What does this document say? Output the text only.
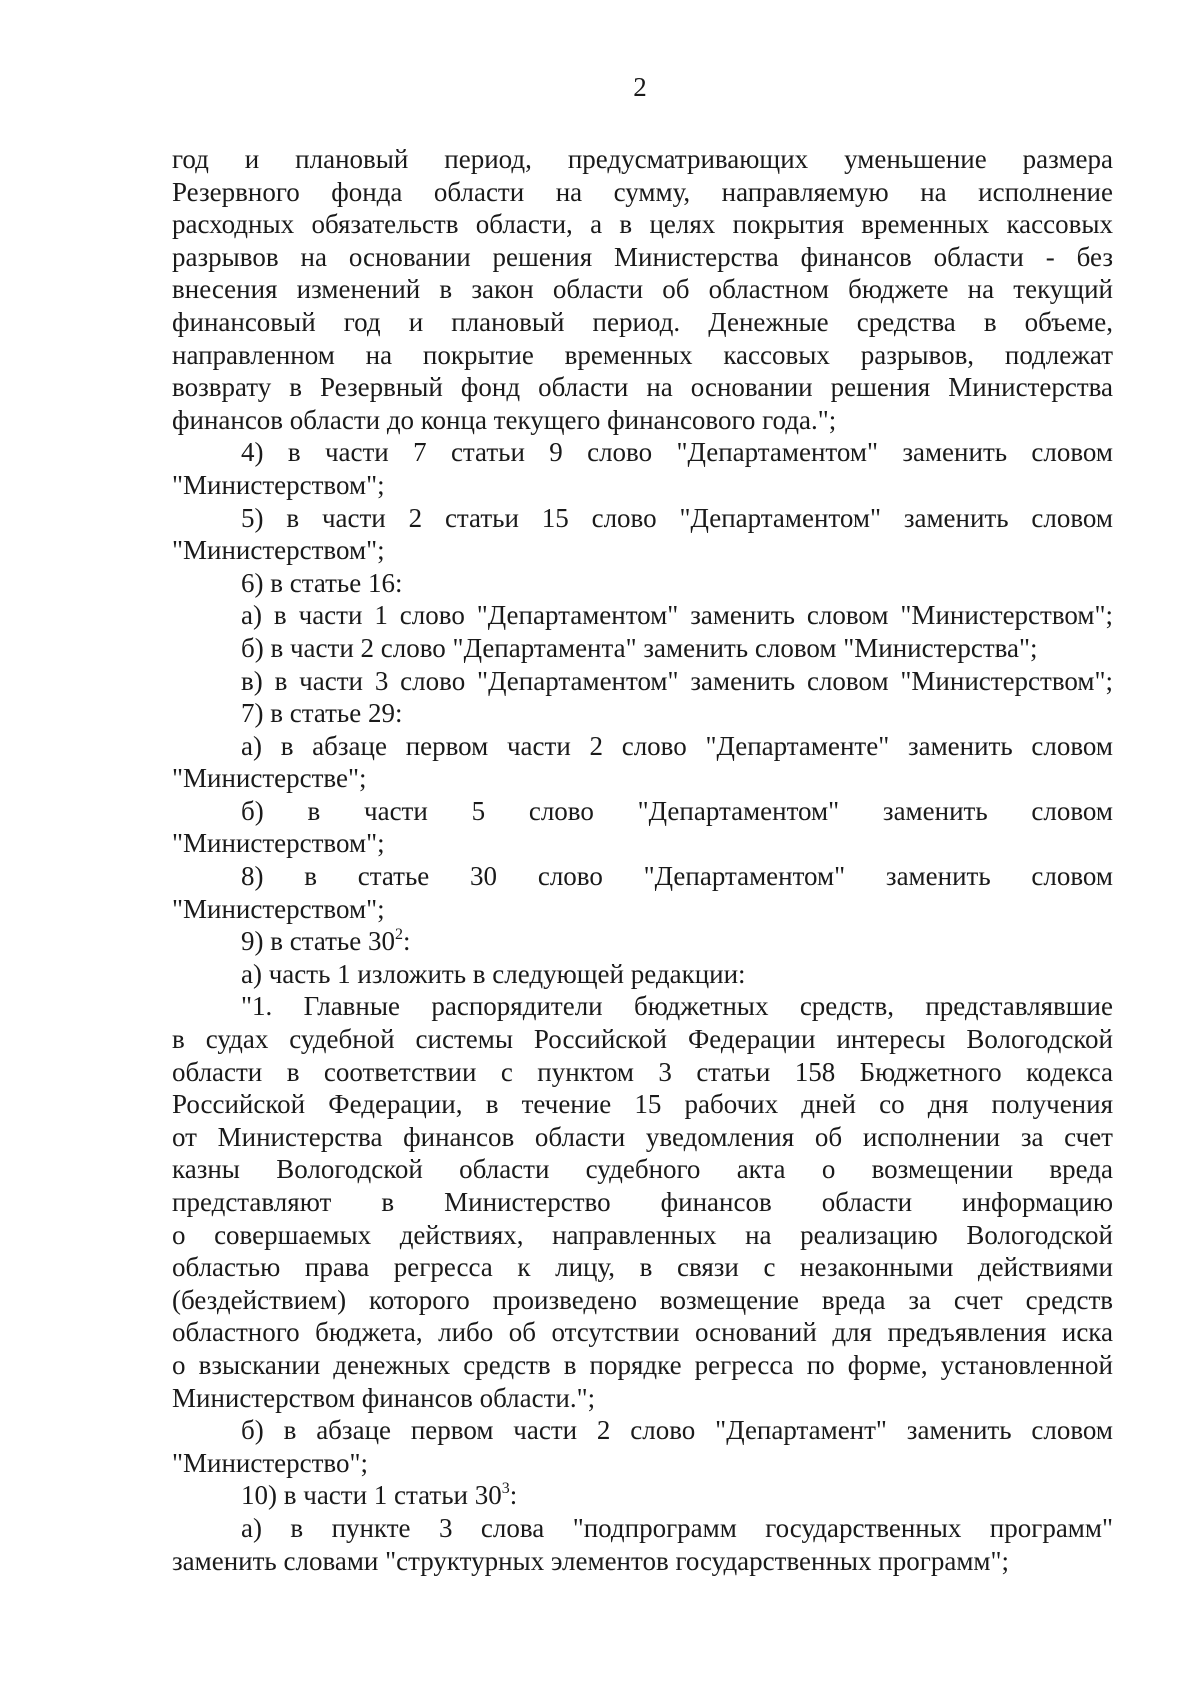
2
год и плановый период, предусматривающих уменьшение размера
Резервного фонда области на сумму, направляемую на исполнение
расходных обязательств области, а в целях покрытия временных кассовых
разрывов на основании решения Министерства финансов области - без
внесения изменений в закон области об областном бюджете на текущий
финансовый год и плановый период. Денежные средства в объеме,
направленном на покрытие временных кассовых разрывов, подлежат
возврату в Резервный фонд области на основании решения Министерства
финансов области до конца текущего финансового года.";
4) в части 7 статьи 9 слово "Департаментом" заменить словом
"Министерством";
5) в части 2 статьи 15 слово "Департаментом" заменить словом
"Министерством";
6) в статье 16:
а) в части 1 слово "Департаментом" заменить словом "Министерством";
б) в части 2 слово "Департамента" заменить словом "Министерства";
в) в части 3 слово "Департаментом" заменить словом "Министерством";
7) в статье 29:
а) в абзаце первом части 2 слово "Департаменте" заменить словом
"Министерстве";
б) в части 5 слово "Департаментом" заменить словом
"Министерством";
8) в статье 30 слово "Департаментом" заменить словом
"Министерством";
9) в статье $30^2$:
а) часть 1 изложить в следующей редакции:
"1. Главные распорядители бюджетных средств, представлявшие
в судах судебной системы Российской Федерации интересы Вологодской
области в соответствии с пунктом 3 статьи 158 Бюджетного кодекса
Российской Федерации, в течение 15 рабочих дней со дня получения
от Министерства финансов области уведомления об исполнении за счет
казны Вологодской области судебного акта о возмещении вреда
представляют в Министерство финансов области информацию
о совершаемых действиях, направленных на реализацию Вологодской
областью права регресса к лицу, в связи с незаконными действиями
(бездействием) которого произведено возмещение вреда за счет средств
областного бюджета, либо об отсутствии оснований для предъявления иска
о взыскании денежных средств в порядке регресса по форме, установленной
Министерством финансов области.";
б) в абзаце первом части 2 слово "Департамент" заменить словом
"Министерство";
10) в части 1 статьи $30^3$:
а) в пункте 3 слова "подпрограмм государственных программ"
заменить словами "структурных элементов государственных программ";
